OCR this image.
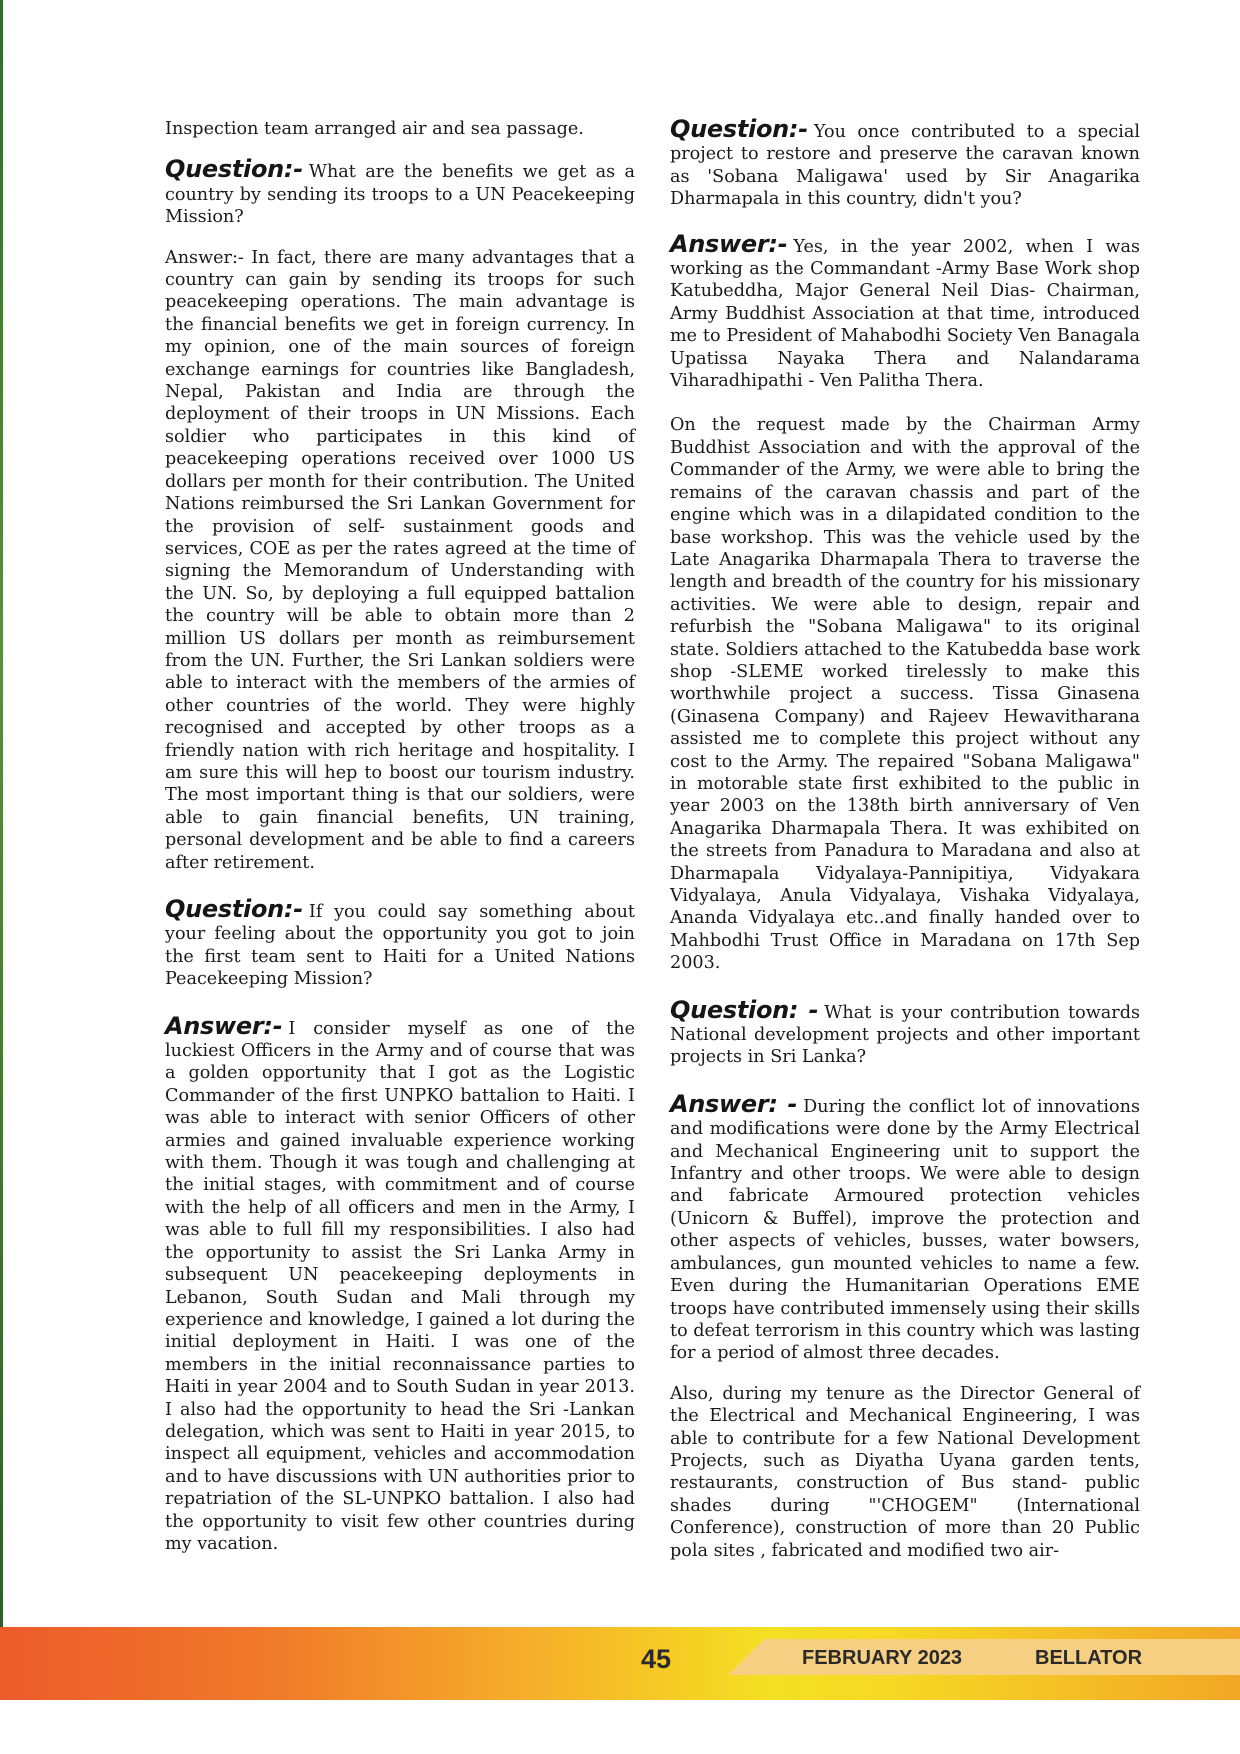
Inspection team arranged air and sea passage.

Question:- What are the benefits we get as a country by sending its troops to a UN Peacekeeping Mission?

Answer:- In fact, there are many advantages that a country can gain by sending its troops for such peacekeeping operations. The main advantage is the financial benefits we get in foreign currency. In my opinion, one of the main sources of foreign exchange earnings for countries like Bangladesh, Nepal, Pakistan and India are through the deployment of their troops in UN Missions. Each soldier who participates in this kind of peacekeeping operations received over 1000 US dollars per month for their contribution. The United Nations reimbursed the Sri Lankan Government for the provision of self- sustainment goods and services, COE as per the rates agreed at the time of signing the Memorandum of Understanding with the UN. So, by deploying a full equipped battalion the country will be able to obtain more than 2 million US dollars per month as reimbursement from the UN. Further, the Sri Lankan soldiers were able to interact with the members of the armies of other countries of the world. They were highly recognised and accepted by other troops as a friendly nation with rich heritage and hospitality. I am sure this will hep to boost our tourism industry. The most important thing is that our soldiers, were able to gain financial benefits, UN training, personal development and be able to find a careers after retirement.

Question:- If you could say something about your feeling about the opportunity you got to join the first team sent to Haiti for a United Nations Peacekeeping Mission?

Answer:- I consider myself as one of the luckiest Officers in the Army and of course that was a golden opportunity that I got as the Logistic Commander of the first UNPKO battalion to Haiti. I was able to interact with senior Officers of other armies and gained invaluable experience working with them. Though it was tough and challenging at the initial stages, with commitment and of course with the help of all officers and men in the Army, I was able to full fill my responsibilities. I also had the opportunity to assist the Sri Lanka Army in subsequent UN peacekeeping deployments in Lebanon, South Sudan and Mali through my experience and knowledge, I gained a lot during the initial deployment in Haiti. I was one of the members in the initial reconnaissance parties to Haiti in year 2004 and to South Sudan in year 2013. I also had the opportunity to head the Sri -Lankan delegation, which was sent to Haiti in year 2015, to inspect all equipment, vehicles and accommodation and to have discussions with UN authorities prior to repatriation of the SL-UNPKO battalion. I also had the opportunity to visit few other countries during my vacation.

Question:- You once contributed to a special project to restore and preserve the caravan known as 'Sobana Maligawa' used by Sir Anagarika Dharmapala in this country, didn't you?

Answer:- Yes, in the year 2002, when I was working as the Commandant -Army Base Work shop Katubeddha, Major General Neil Dias- Chairman, Army Buddhist Association at that time, introduced me to President of Mahabodhi Society Ven Banagala Upatissa Nayaka Thera and Nalandarama Viharadhipathi - Ven Palitha Thera.

On the request made by the Chairman Army Buddhist Association and with the approval of the Commander of the Army, we were able to bring the remains of the caravan chassis and part of the engine which was in a dilapidated condition to the base workshop. This was the vehicle used by the Late Anagarika Dharmapala Thera to traverse the length and breadth of the country for his missionary activities. We were able to design, repair and refurbish the "Sobana Maligawa" to its original state. Soldiers attached to the Katubedda base work shop -SLEME worked tirelessly to make this worthwhile project a success. Tissa Ginasena (Ginasena Company) and Rajeev Hewavitharana assisted me to complete this project without any cost to the Army. The repaired "Sobana Maligawa" in motorable state first exhibited to the public in year 2003 on the 138th birth anniversary of Ven Anagarika Dharmapala Thera. It was exhibited on the streets from Panadura to Maradana and also at Dharmapala Vidyalaya-Pannipitiya, Vidyakara Vidyalaya, Anula Vidyalaya, Vishaka Vidyalaya, Ananda Vidyalaya etc..and finally handed over to Mahbodhi Trust Office in Maradana on 17th Sep 2003.

Question: - What is your contribution towards National development projects and other important projects in Sri Lanka?

Answer: - During the conflict lot of innovations and modifications were done by the Army Electrical and Mechanical Engineering unit to support the Infantry and other troops. We were able to design and fabricate Armoured protection vehicles (Unicorn & Buffel), improve the protection and other aspects of vehicles, busses, water bowsers, ambulances, gun mounted vehicles to name a few. Even during the Humanitarian Operations EME troops have contributed immensely using their skills to defeat terrorism in this country which was lasting for a period of almost three decades.

Also, during my tenure as the Director General of the Electrical and Mechanical Engineering, I was able to contribute for a few National Development Projects, such as Diyatha Uyana garden tents, restaurants, construction of Bus stand- public shades during "'CHOGEM" (International Conference), construction of more than 20 Public pola sites , fabricated and modified two air-

45	FEBRUARY 2023	BELLATOR
